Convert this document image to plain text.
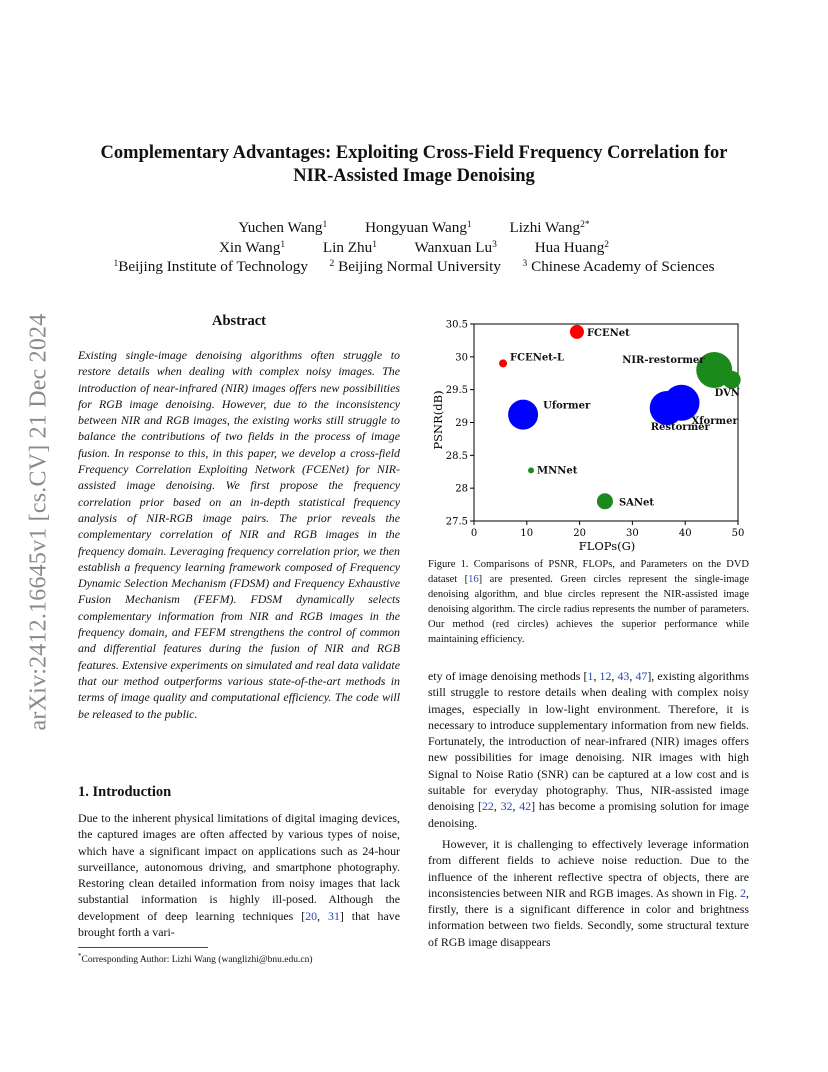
arXiv:2412.16645v1 [cs.CV] 21 Dec 2024
Complementary Advantages: Exploiting Cross-Field Frequency Correlation for
NIR-Assisted Image Denoising
Yuchen Wang$^1$ Hongyuan Wang$^1$ Lizhi Wang$^{2*}$
Xin Wang$^1$ Lin Zhu$^1$ Wanxuan Lu$^3$ Hua Huang$^2$
$^1$Beijing Institute of Technology $^2$ Beijing Normal University $^3$ Chinese Academy of Sciences
Abstract
Existing single-image denoising algorithms often struggle to restore details when dealing with complex noisy images. The introduction of near-infrared (NIR) images offers new possibilities for RGB image denoising. However, due to the inconsistency between NIR and RGB images, the existing works still struggle to balance the contributions of two fields in the process of image fusion. In response to this, in this paper, we develop a cross-field Frequency Correlation Exploiting Network (FCENet) for NIR-assisted image denoising. We first propose the frequency correlation prior based on an in-depth statistical frequency analysis of NIR-RGB image pairs. The prior reveals the complementary correlation of NIR and RGB images in the frequency domain. Leveraging frequency correlation prior, we then establish a frequency learning framework composed of Frequency Dynamic Selection Mechanism (FDSM) and Frequency Exhaustive Fusion Mechanism (FEFM). FDSM dynamically selects complementary information from NIR and RGB images in the frequency domain, and FEFM strengthens the control of common and differential features during the fusion of NIR and RGB features. Extensive experiments on simulated and real data validate that our method outperforms various state-of-the-art methods in terms of image quality and computational efficiency. The code will be released to the public.
1. Introduction
Due to the inherent physical limitations of digital imaging devices, the captured images are often affected by various types of noise, which have a significant impact on applications such as 24-hour surveillance, autonomous driving, and smartphone photography. Restoring clean detailed information from noisy images that lack substantial information is highly ill-posed. Although the development of deep learning techniques [20, 31] that have brought forth a vari-
*Corresponding Author: Lizhi Wang (wanglizhi@bnu.edu.cn)
0	10	20	30	40	50
27.5
28
28.5
29
29.5
30
30.5
FCENet
FCENet-L
Uformer
Restormer
Xformer
NIR-restormer
DVN
MNNet
SANet
FLOPs(G)
PSNR(dB)
Figure 1. Comparisons of PSNR, FLOPs, and Parameters on the DVD dataset [16] are presented. Green circles represent the single-image denoising algorithm, and blue circles represent the NIR-assisted image denoising algorithm. The circle radius represents the number of parameters. Our method (red circles) achieves the superior performance while maintaining efficiency.

ety of image denoising methods [1, 12, 43, 47], existing algorithms still struggle to restore details when dealing with complex noisy images, especially in low-light environment. Therefore, it is necessary to introduce supplementary information from new fields. Fortunately, the introduction of near-infrared (NIR) images offers new possibilities for image denoising. NIR images with high Signal to Noise Ratio (SNR) can be captured at a low cost and is suitable for everyday photography. Thus, NIR-assisted image denoising [22, 32, 42] has become a promising solution for image denoising.

However, it is challenging to effectively leverage information from different fields to achieve noise reduction. Due to the influence of the inherent reflective spectra of objects, there are inconsistencies between NIR and RGB images. As shown in Fig. 2, firstly, there is a significant difference in color and brightness information between two fields. Secondly, some structural texture of RGB image disappears
